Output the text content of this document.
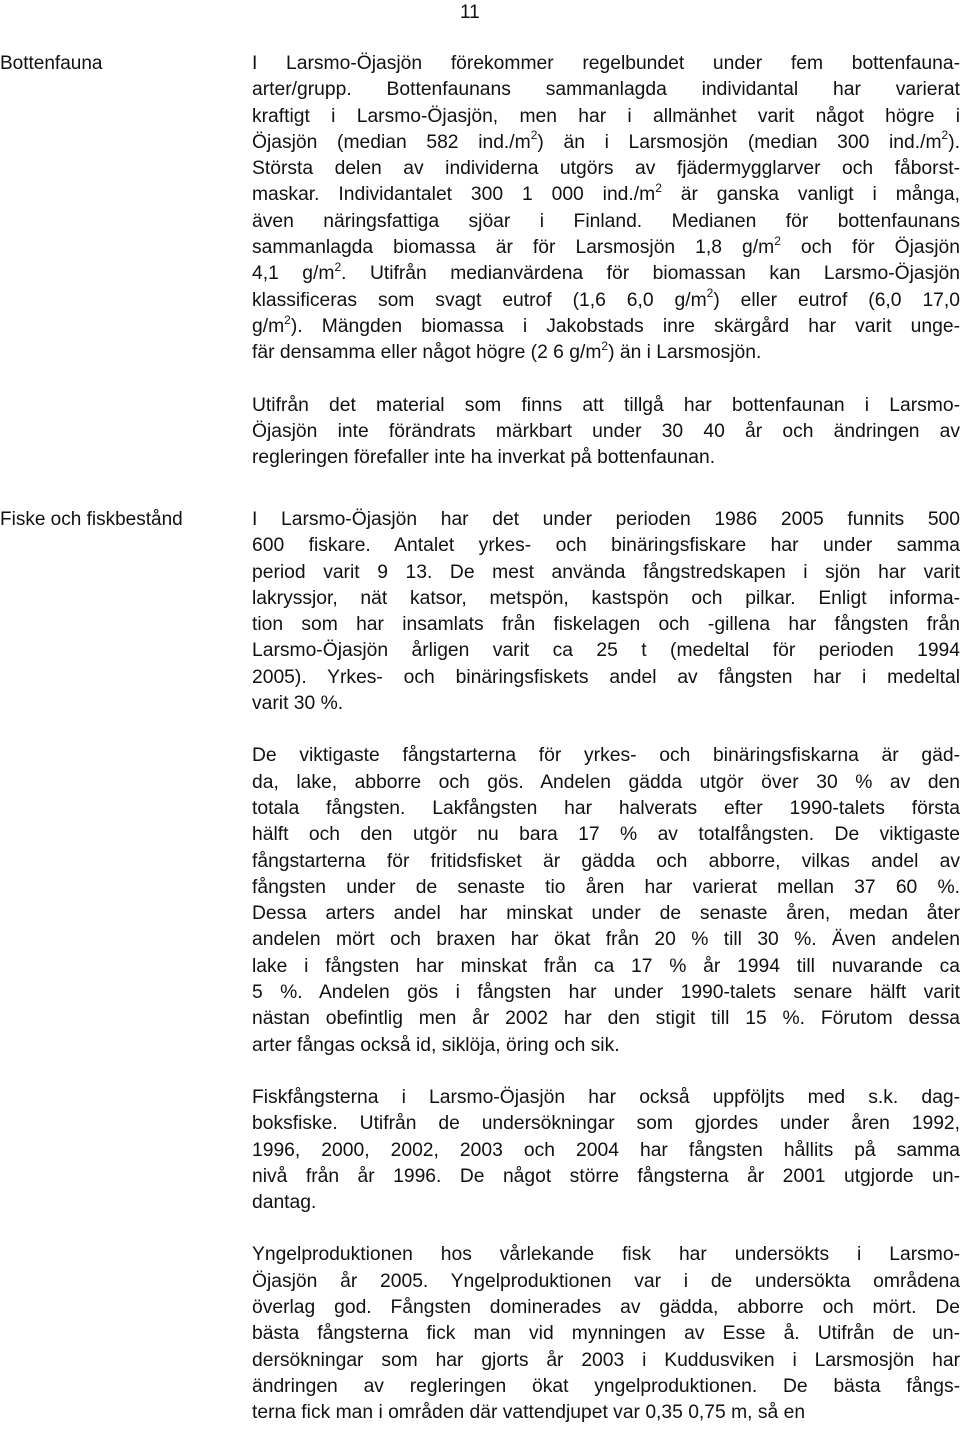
11
Bottenfauna	I Larsmo-Öjasjön förekommer regelbundet under fem bottenfauna-
arter/grupp. Bottenfaunans sammanlagda individantal har varierat
kraftigt i Larsmo-Öjasjön, men har i allmänhet varit något högre i
Öjasjön (median 582 $ind./m^2$) än i Larsmosjön (median 300 $ind./m^2$).
Största delen av individerna utgörs av fjädermygglarver och fåborst-
maskar. Individantalet 300 1 000 $ind./m^2$ är ganska vanligt i många,
även näringsfattiga sjöar i Finland. Medianen för bottenfaunans
sammanlagda biomassa är för Larsmosjön 1,8 $g/m^2$ och för Öjasjön
4,1 $g/m^2$. Utifrån medianvärdena för biomassan kan Larsmo-Öjasjön
klassificeras som svagt eutrof (1,6 6,0 $g/m^2$) eller eutrof (6,0 17,0
$g/m^2$). Mängden biomassa i Jakobstads inre skärgård har varit unge-
fär densamma eller något högre (2 6 $g/m^2$) än i Larsmosjön.
Utifrån det material som finns att tillgå har bottenfaunan i Larsmo-
Öjasjön inte förändrats märkbart under 30 40 år och ändringen av
regleringen förefaller inte ha inverkat på bottenfaunan.
Fiske och fiskbestånd	I Larsmo-Öjasjön har det under perioden 1986 2005 funnits 500
600 fiskare. Antalet yrkes- och binäringsfiskare har under samma
period varit 9 13. De mest använda fångstredskapen i sjön har varit
lakryssjor, nät katsor, metspön, kastspön och pilkar. Enligt informa-
tion som har insamlats från fiskelagen och -gillena har fångsten från
Larsmo-Öjasjön årligen varit ca 25 t (medeltal för perioden 1994
2005). Yrkes- och binäringsfiskets andel av fångsten har i medeltal
varit 30 %.
De viktigaste fångstarterna för yrkes- och binäringsfiskarna är gäd-
da, lake, abborre och gös. Andelen gädda utgör över 30 % av den
totala fångsten. Lakfångsten har halverats efter 1990-talets första
hälft och den utgör nu bara 17 % av totalfångsten. De viktigaste
fångstarterna för fritidsfisket är gädda och abborre, vilkas andel av
fångsten under de senaste tio åren har varierat mellan 37 60 %.
Dessa arters andel har minskat under de senaste åren, medan åter
andelen mört och braxen har ökat från 20 % till 30 %. Även andelen
lake i fångsten har minskat från ca 17 % år 1994 till nuvarande ca
5 %. Andelen gös i fångsten har under 1990-talets senare hälft varit
nästan obefintlig men år 2002 har den stigit till 15 %. Förutom dessa
arter fångas också id, siklöja, öring och sik.
Fiskfångsterna i Larsmo-Öjasjön har också uppföljts med s.k. dag-
boksfiske. Utifrån de undersökningar som gjordes under åren 1992,
1996, 2000, 2002, 2003 och 2004 har fångsten hållits på samma
nivå från år 1996. De något större fångsterna år 2001 utgjorde un-
dantag.
Yngelproduktionen hos vårlekande fisk har undersökts i Larsmo-
Öjasjön år 2005. Yngelproduktionen var i de undersökta områdena
överlag god. Fångsten dominerades av gädda, abborre och mört. De
bästa fångsterna fick man vid mynningen av Esse å. Utifrån de un-
dersökningar som har gjorts år 2003 i Kuddusviken i Larsmosjön har
ändringen av regleringen ökat yngelproduktionen. De bästa fångs-
terna fick man i områden där vattendjupet var 0,35 0,75 m, så en
